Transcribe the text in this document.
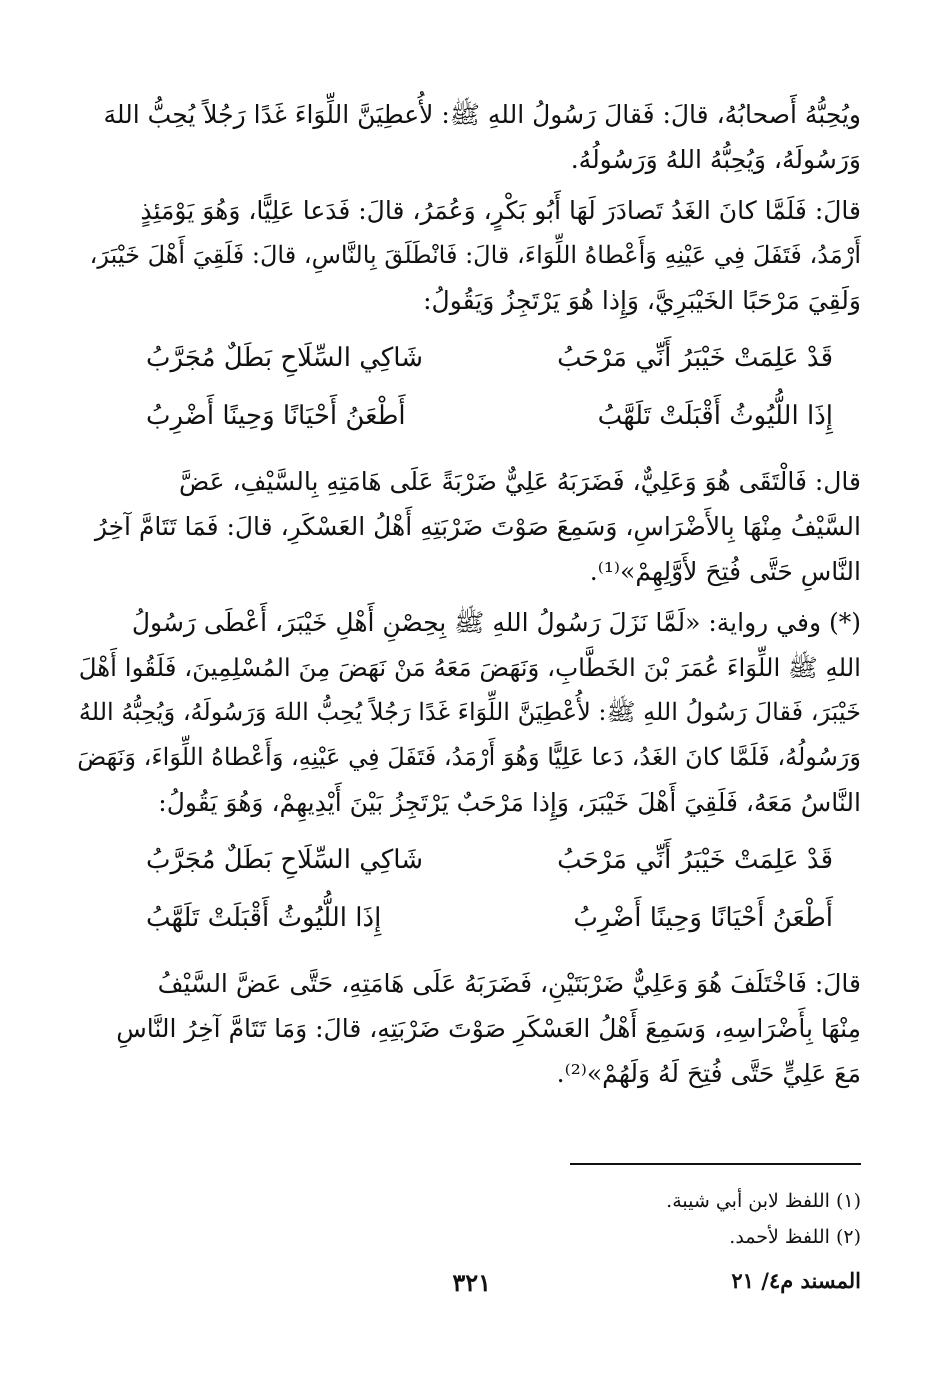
ويُحِبُّهُ أَصحابُهُ، قالَ: فَقالَ رَسُولُ اللهِ ﷺ: لأُعطِيَنَّ اللِّوَاءَ غَدًا رَجُلاً يُحِبُّ اللهَ
وَرَسُولَهُ، وَيُحِبُّهُ اللهُ وَرَسُولُهُ.

قالَ: فَلَمَّا كانَ الغَدُ تَصادَرَ لَهَا أَبُو بَكْرٍ، وَعُمَرُ، قالَ: فَدَعا عَلِيًّا، وَهُوَ يَوْمَئِذٍ
أَرْمَدُ، فَتَفَلَ فِي عَيْنِهِ وَأَعْطاهُ اللِّوَاءَ، قالَ: فَانْطَلَقَ بِالنَّاسِ، قالَ: فَلَقِيَ أَهْلَ خَيْبَرَ،
وَلَقِيَ مَرْحَبًا الخَيْبَرِيَّ، وَإِذا هُوَ يَرْتَجِزُ وَيَقُولُ:

قَدْ عَلِمَتْ خَيْبَرُ أَنِّي مَرْحَبُ
شَاكِي السِّلَاحِ بَطَلٌ مُجَرَّبُ
إِذَا اللُّيُوثُ أَقْبَلَتْ تَلَهَّبُ
أَطْعَنُ أَحْيَانًا وَحِينًا أَضْرِبُ

قال: فَالْتَقَى هُوَ وَعَلِيٌّ، فَضَرَبَهُ عَلِيٌّ ضَرْبَةً عَلَى هَامَتِهِ بِالسَّيْفِ، عَضَّ
السَّيْفُ مِنْهَا بِالأَضْرَاسِ، وَسَمِعَ صَوْتَ ضَرْبَتِهِ أَهْلُ العَسْكَرِ، قالَ: فَمَا تَتَامَّ آخِرُ
النَّاسِ حَتَّى فُتِحَ لأَوَّلِهِمْ»⁽¹⁾.

(*) وفي رواية: «لَمَّا نَزَلَ رَسُولُ اللهِ ﷺ بِحِصْنِ أَهْلِ خَيْبَرَ، أَعْطَى رَسُولُ
اللهِ ﷺ اللِّوَاءَ عُمَرَ بْنَ الخَطَّابِ، وَنَهَضَ مَعَهُ مَنْ نَهَضَ مِنَ المُسْلِمِينَ، فَلَقُوا أَهْلَ
خَيْبَرَ، فَقالَ رَسُولُ اللهِ ﷺ: لأُعْطِيَنَّ اللِّوَاءَ غَدًا رَجُلاً يُحِبُّ اللهَ وَرَسُولَهُ، وَيُحِبُّهُ اللهُ
وَرَسُولُهُ، فَلَمَّا كانَ الغَدُ، دَعا عَلِيًّا وَهُوَ أَرْمَدُ، فَتَفَلَ فِي عَيْنِهِ، وَأَعْطاهُ اللِّوَاءَ، وَنَهَضَ
النَّاسُ مَعَهُ، فَلَقِيَ أَهْلَ خَيْبَرَ، وَإِذا مَرْحَبٌ يَرْتَجِزُ بَيْنَ أَيْدِيهِمْ، وَهُوَ يَقُولُ:

قَدْ عَلِمَتْ خَيْبَرُ أَنِّي مَرْحَبُ
شَاكِي السِّلَاحِ بَطَلٌ مُجَرَّبُ
أَطْعَنُ أَحْيَانًا وَحِينًا أَضْرِبُ
إِذَا اللُّيُوثُ أَقْبَلَتْ تَلَهَّبُ

قالَ: فَاخْتَلَفَ هُوَ وَعَلِيٌّ ضَرْبَتَيْنِ، فَضَرَبَهُ عَلَى هَامَتِهِ، حَتَّى عَضَّ السَّيْفُ
مِنْهَا بِأَضْرَاسِهِ، وَسَمِعَ أَهْلُ العَسْكَرِ صَوْتَ ضَرْبَتِهِ، قالَ: وَمَا تَتَامَّ آخِرُ النَّاسِ
مَعَ عَلِيٍّ حَتَّى فُتِحَ لَهُ وَلَهُمْ»⁽²⁾.

(١) اللفظ لابن أبي شيبة.
(٢) اللفظ لأحمد.
المسند م٤/ ٢١
٣٢١
